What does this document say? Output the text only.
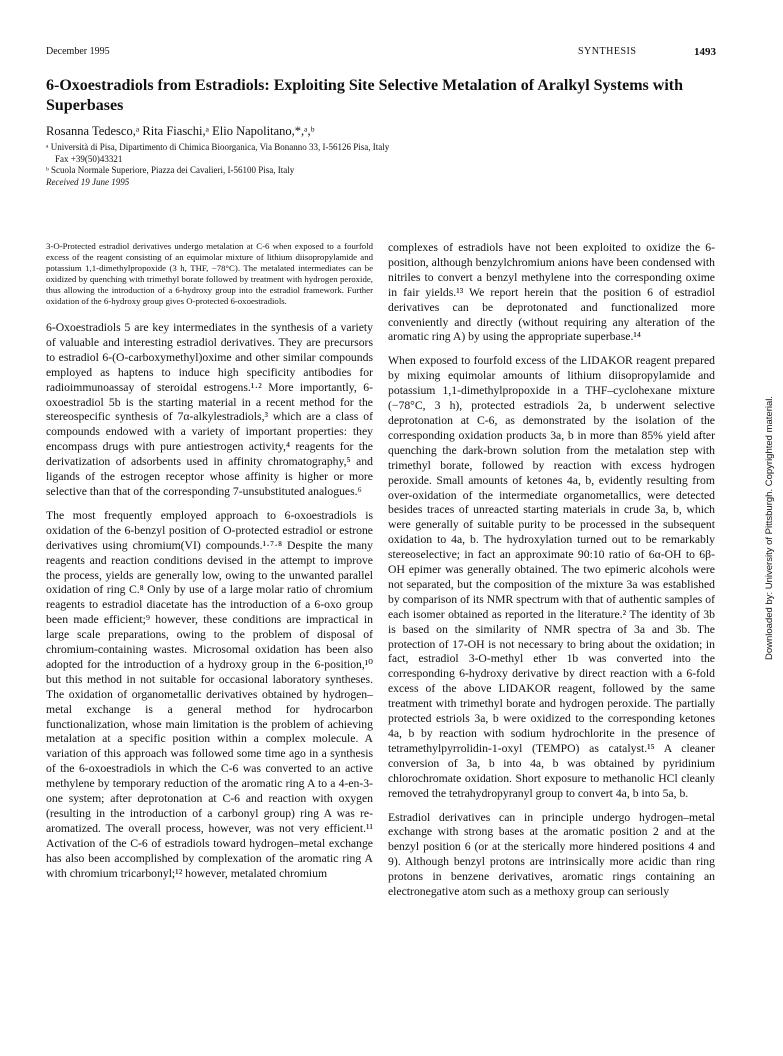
December 1995	SYNTHESIS	1493
6-Oxoestradiols from Estradiols: Exploiting Site Selective Metalation of Aralkyl Systems with Superbases
Rosanna Tedesco,ᵃ Rita Fiaschi,ᵃ Elio Napolitano,*,ᵃ,ᵇ
ᵃ Università di Pisa, Dipartimento di Chimica Bioorganica, Via Bonanno 33, I-56126 Pisa, Italy
Fax +39(50)43321
ᵇ Scuola Normale Superiore, Piazza dei Cavalieri, I-56100 Pisa, Italy
Received 19 June 1995

3-O-Protected estradiol derivatives undergo metalation at C-6 when exposed to a fourfold excess of the reagent consisting of an equimolar mixture of lithium diisopropylamide and potassium 1,1-dimethylpropoxide (3 h, THF, −78°C). The metalated intermediates can be oxidized by quenching with trimethyl borate followed by treatment with hydrogen peroxide, thus allowing the introduction of a 6-hydroxy group into the estradiol framework. Further oxidation of the 6-hydroxy group gives O-protected 6-oxoestradiols.

6-Oxoestradiols 5 are key intermediates in the synthesis of a variety of valuable and interesting estradiol derivatives. They are precursors to estradiol 6-(O-carboxymethyl)oxime and other similar compounds employed as haptens to induce high specificity antibodies for radioimmunoassay of steroidal estrogens.¹·² More importantly, 6-oxoestradiol 5b is the starting material in a recent method for the stereospecific synthesis of 7α-alkylestradiols,³ which are a class of compounds endowed with a variety of important properties: they encompass drugs with pure antiestrogen activity,⁴ reagents for the derivatization of adsorbents used in affinity chromatography,⁵ and ligands of the estrogen receptor whose affinity is higher or more selective than that of the corresponding 7-unsubstituted analogues.⁶

The most frequently employed approach to 6-oxoestradiols is oxidation of the 6-benzyl position of O-protected estradiol or estrone derivatives using chromium(VI) compounds.¹·⁷·⁸ Despite the many reagents and reaction conditions devised in the attempt to improve the process, yields are generally low, owing to the unwanted parallel oxidation of ring C.⁸ Only by use of a large molar ratio of chromium reagents to estradiol diacetate has the introduction of a 6-oxo group been made efficient;⁹ however, these conditions are impractical in large scale preparations, owing to the problem of disposal of chromium-containing wastes. Microsomal oxidation has been also adopted for the introduction of a hydroxy group in the 6-position,¹⁰ but this method in not suitable for occasional laboratory syntheses. The oxidation of organometallic derivatives obtained by hydrogen–metal exchange is a general method for hydrocarbon functionalization, whose main limitation is the problem of achieving metalation at a specific position within a complex molecule. A variation of this approach was followed some time ago in a synthesis of the 6-oxoestradiols in which the C-6 was converted to an active methylene by temporary reduction of the aromatic ring A to a 4-en-3-one system; after deprotonation at C-6 and reaction with oxygen (resulting in the introduction of a carbonyl group) ring A was re-aromatized. The overall process, however, was not very efficient.¹¹ Activation of the C-6 of estradiols toward hydrogen–metal exchange has also been accomplished by complexation of the aromatic ring A with chromium tricarbonyl;¹² however, metalated chromium

complexes of estradiols have not been exploited to oxidize the 6-position, although benzylchromium anions have been condensed with nitriles to convert a benzyl methylene into the corresponding oxime in fair yields.¹³ We report herein that the position 6 of estradiol derivatives can be deprotonated and functionalized more conveniently and directly (without requiring any alteration of the aromatic ring A) by using the appropriate superbase.¹⁴

When exposed to fourfold excess of the LIDAKOR reagent prepared by mixing equimolar amounts of lithium diisopropylamide and potassium 1,1-dimethylpropoxide in a THF–cyclohexane mixture (−78°C, 3 h), protected estradiols 2a, b underwent selective deprotonation at C-6, as demonstrated by the isolation of the corresponding oxidation products 3a, b in more than 85% yield after quenching the dark-brown solution from the metalation step with trimethyl borate, followed by reaction with excess hydrogen peroxide. Small amounts of ketones 4a, b, evidently resulting from over-oxidation of the intermediate organometallics, were detected besides traces of unreacted starting materials in crude 3a, b, which were generally of suitable purity to be processed in the subsequent oxidation to 4a, b. The hydroxylation turned out to be remarkably stereoselective; in fact an approximate 90:10 ratio of 6α-OH to 6β-OH epimer was generally obtained. The two epimeric alcohols were not separated, but the composition of the mixture 3a was established by comparison of its NMR spectrum with that of authentic samples of each isomer obtained as reported in the literature.² The identity of 3b is based on the similarity of NMR spectra of 3a and 3b. The protection of 17-OH is not necessary to bring about the oxidation; in fact, estradiol 3-O-methyl ether 1b was converted into the corresponding 6-hydroxy derivative by direct reaction with a 6-fold excess of the above LIDAKOR reagent, followed by the same treatment with trimethyl borate and hydrogen peroxide. The partially protected estriols 3a, b were oxidized to the corresponding ketones 4a, b by reaction with sodium hydrochlorite in the presence of tetramethylpyrrolidin-1-oxyl (TEMPO) as catalyst.¹⁵ A cleaner conversion of 3a, b into 4a, b was obtained by pyridinium chlorochromate oxidation. Short exposure to methanolic HCl cleanly removed the tetrahydropyranyl group to convert 4a, b into 5a, b.

Estradiol derivatives can in principle undergo hydrogen–metal exchange with strong bases at the aromatic position 2 and at the benzyl position 6 (or at the sterically more hindered positions 4 and 9). Although benzyl protons are intrinsically more acidic than ring protons in benzene derivatives, aromatic rings containing an electronegative atom such as a methoxy group can seriously

Downloaded by: University of Pittsburgh. Copyrighted material.
